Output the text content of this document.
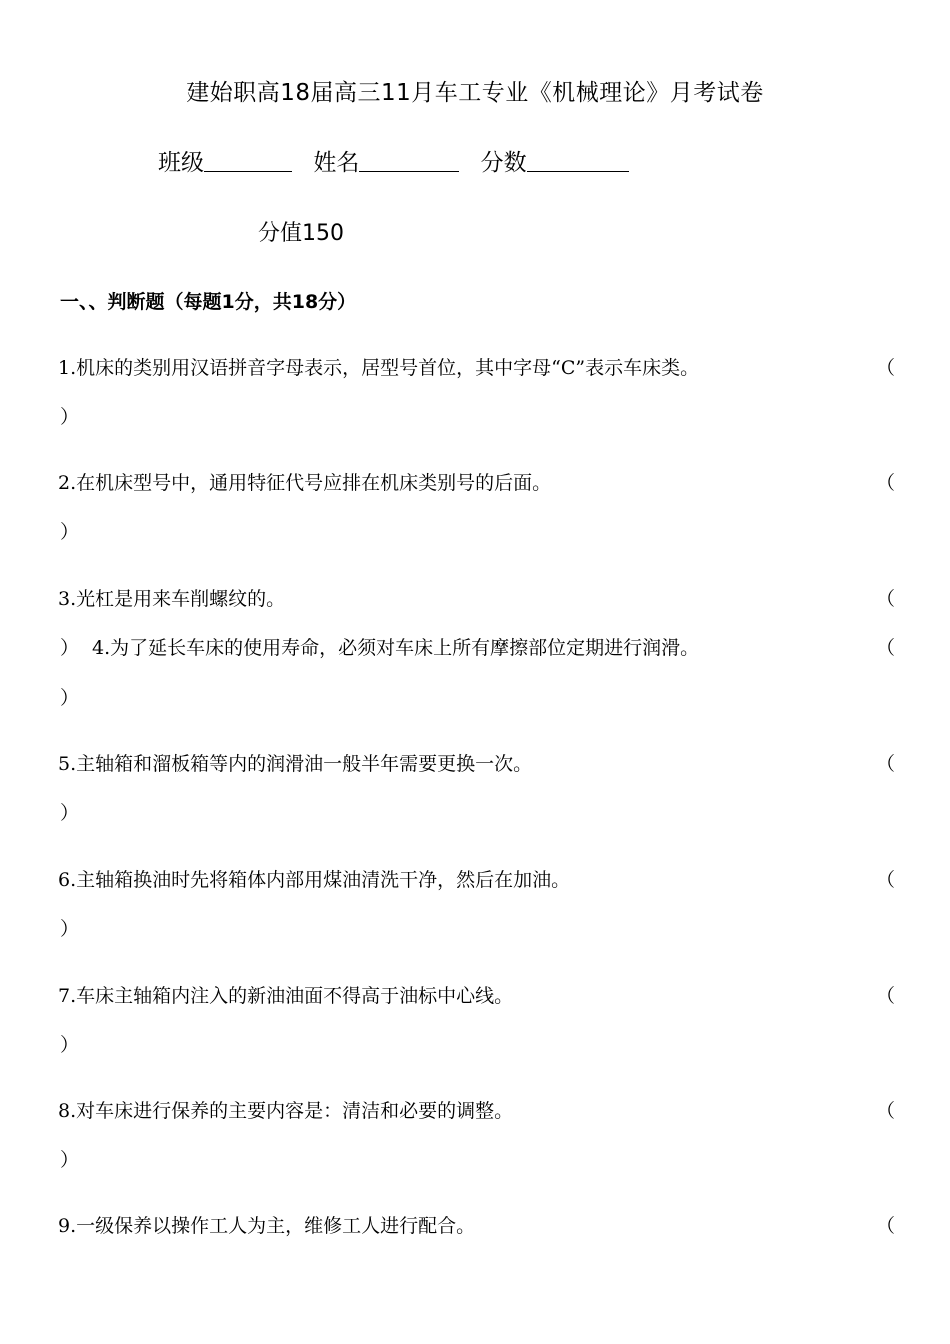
建始职高18届高三11月车工专业《机械理论》月考试卷
班级	姓名	分数
分值150
一、、判断题（每题1分，共18分）
1.机床的类别用汉语拼音字母表示，居型号首位，其中字母“C”表示车床类。	（
）
2.在机床型号中，通用特征代号应排在机床类别号的后面。	（
）
3.光杠是用来车削螺纹的。	（
） 4.为了延长车床的使用寿命，必须对车床上所有摩擦部位定期进行润滑。	（
）
5.主轴箱和溜板箱等内的润滑油一般半年需要更换一次。	（
）
6.主轴箱换油时先将箱体内部用煤油清洗干净，然后在加油。	（
）
7.车床主轴箱内注入的新油油面不得高于油标中心线。	（
）
8.对车床进行保养的主要内容是：清洁和必要的调整。	（
）
9.一级保养以操作工人为主，维修工人进行配合。	（
